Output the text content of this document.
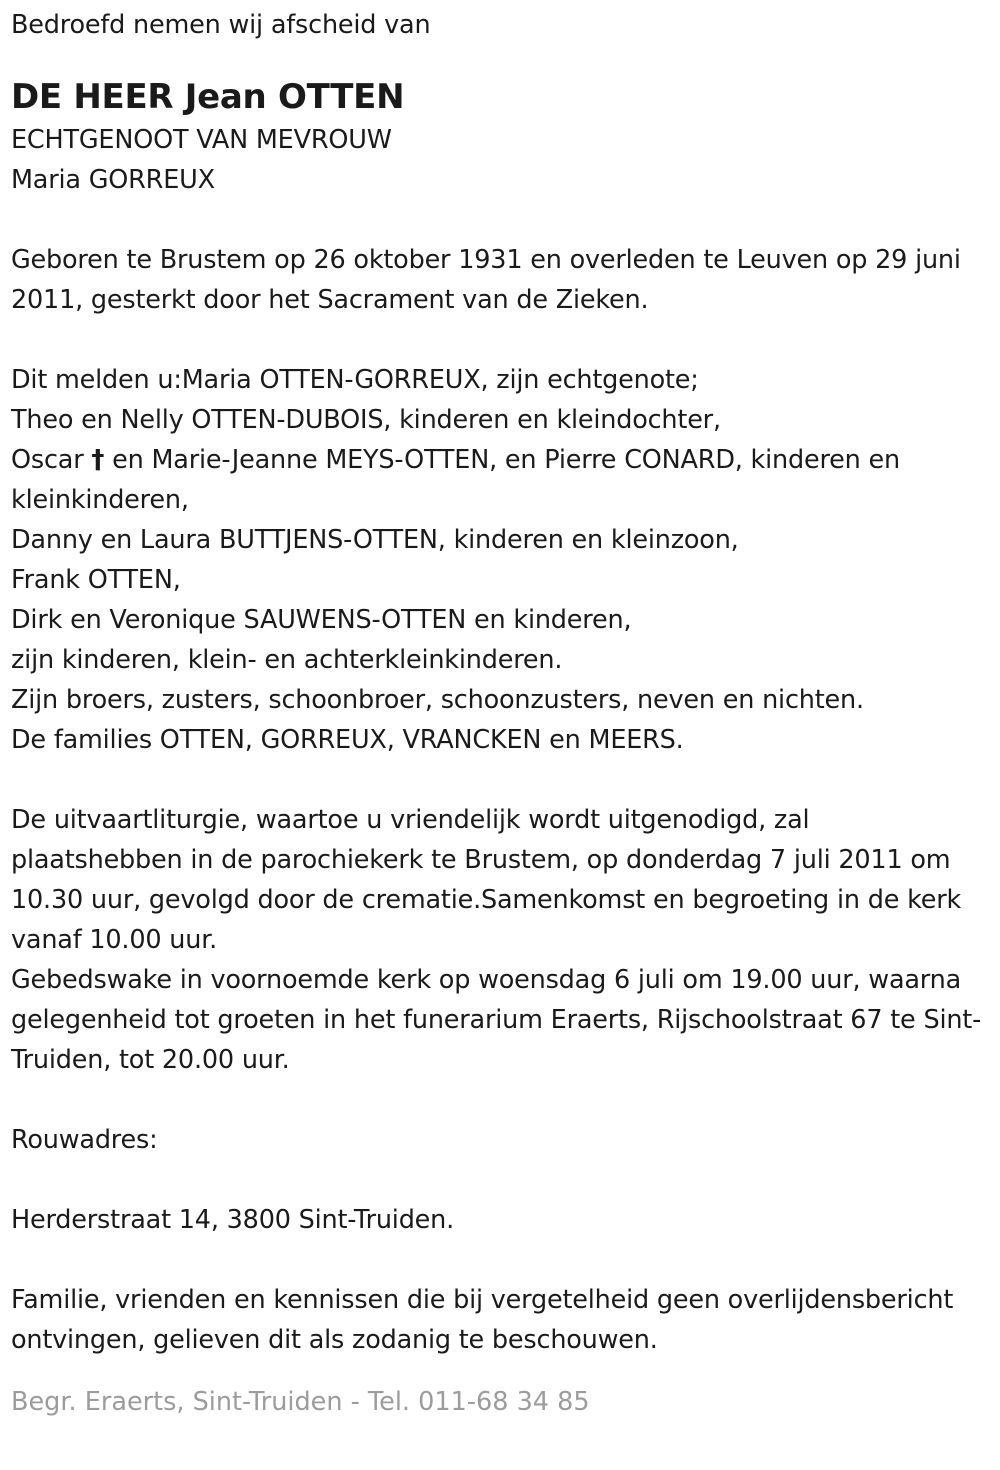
Bedroefd nemen wij afscheid van
DE HEER Jean OTTEN
ECHTGENOOT VAN MEVROUW
Maria GORREUX
Geboren te Brustem op 26 oktober 1931 en overleden te Leuven op 29 juni 2011, gesterkt door het Sacrament van de Zieken.
Dit melden u:Maria OTTEN-GORREUX, zijn echtgenote;
Theo en Nelly OTTEN-DUBOIS, kinderen en kleindochter,
Oscar † en Marie-Jeanne MEYS-OTTEN, en Pierre CONARD, kinderen en kleinkinderen,
Danny en Laura BUTTJENS-OTTEN, kinderen en kleinzoon,
Frank OTTEN,
Dirk en Veronique SAUWENS-OTTEN en kinderen,
zijn kinderen, klein- en achterkleinkinderen.
Zijn broers, zusters, schoonbroer, schoonzusters, neven en nichten.
De families OTTEN, GORREUX, VRANCKEN en MEERS.
De uitvaartliturgie, waartoe u vriendelijk wordt uitgenodigd, zal plaatshebben in de parochiekerk te Brustem, op donderdag 7 juli 2011 om 10.30 uur, gevolgd door de crematie.Samenkomst en begroeting in de kerk vanaf 10.00 uur.
Gebedswake in voornoemde kerk op woensdag 6 juli om 19.00 uur, waarna gelegenheid tot groeten in het funerarium Eraerts, Rijschoolstraat 67 te Sint-Truiden, tot 20.00 uur.
Rouwadres:
Herderstraat 14, 3800 Sint-Truiden.
Familie, vrienden en kennissen die bij vergetelheid geen overlijdensbericht ontvingen, gelieven dit als zodanig te beschouwen.
Begr. Eraerts, Sint-Truiden - Tel. 011-68 34 85
